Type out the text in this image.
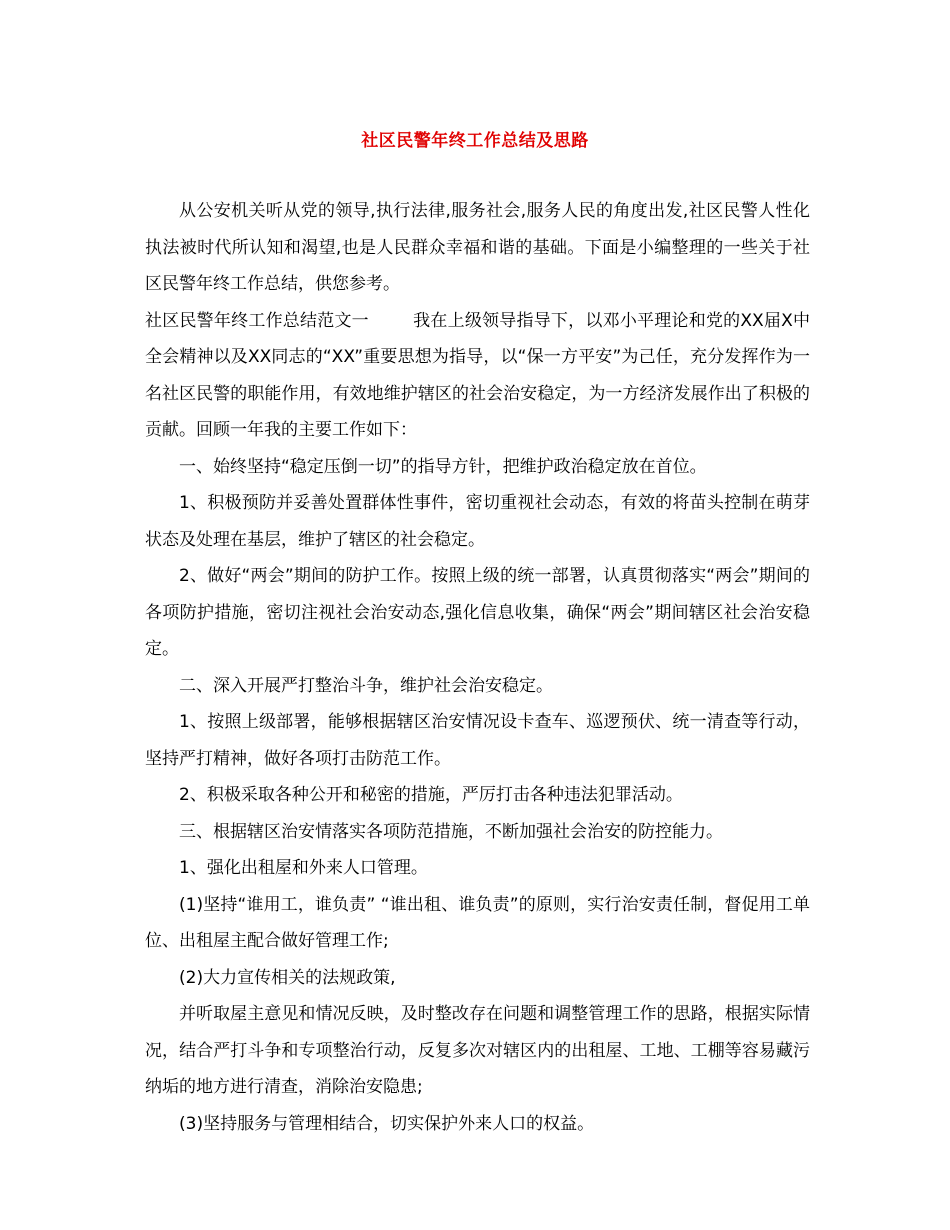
社区民警年终工作总结及思路

从公安机关听从党的领导,执行法律,服务社会,服务人民的角度出发,社区民警人性化执法被时代所认知和渴望,也是人民群众幸福和谐的基础。下面是小编整理的一些关于社区民警年终工作总结，供您参考。

社区民警年终工作总结范文一	我在上级领导指导下，以邓小平理论和党的XX届X中全会精神以及XX同志的“XX”重要思想为指导，以“保一方平安”为己任，充分发挥作为一名社区民警的职能作用，有效地维护辖区的社会治安稳定，为一方经济发展作出了积极的贡献。回顾一年我的主要工作如下：

一、始终坚持“稳定压倒一切”的指导方针，把维护政治稳定放在首位。

1、积极预防并妥善处置群体性事件，密切重视社会动态，有效的将苗头控制在萌芽状态及处理在基层，维护了辖区的社会稳定。

2、做好“两会”期间的防护工作。按照上级的统一部署，认真贯彻落实“两会”期间的各项防护措施，密切注视社会治安动态,强化信息收集，确保“两会”期间辖区社会治安稳定。

二、深入开展严打整治斗争，维护社会治安稳定。

1、按照上级部署，能够根据辖区治安情况设卡查车、巡逻预伏、统一清查等行动，坚持严打精神，做好各项打击防范工作。

2、积极采取各种公开和秘密的措施，严厉打击各种违法犯罪活动。

三、根据辖区治安情落实各项防范措施，不断加强社会治安的防控能力。

1、强化出租屋和外来人口管理。

(1)坚持“谁用工，谁负责” “谁出租、谁负责”的原则，实行治安责任制，督促用工单位、出租屋主配合做好管理工作;

(2)大力宣传相关的法规政策,

并听取屋主意见和情况反映，及时整改存在问题和调整管理工作的思路，根据实际情况，结合严打斗争和专项整治行动，反复多次对辖区内的出租屋、工地、工棚等容易藏污纳垢的地方进行清查，消除治安隐患;

(3)坚持服务与管理相结合，切实保护外来人口的权益。
